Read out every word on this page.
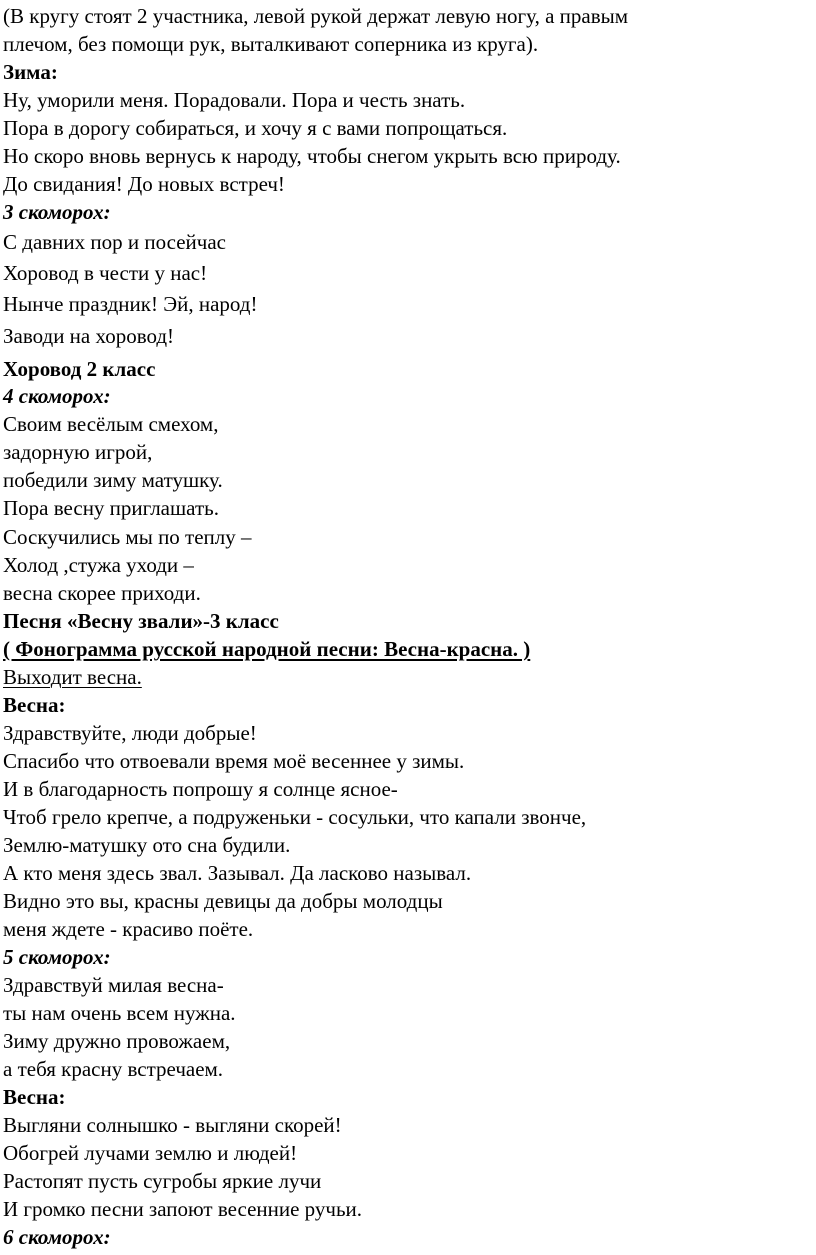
(В кругу стоят 2 участника, левой рукой держат левую ногу, а правым

плечом, без помощи рук, выталкивают соперника из круга).

Зима:

Ну, уморили меня. Порадовали. Пора и честь знать.

Пора в дорогу собираться, и хочу я с вами попрощаться.

Но скоро вновь вернусь к народу, чтобы снегом укрыть всю природу.

До свидания! До новых встреч!

3 скоморох:

С давних пор и посейчас

Хоровод в чести у нас!

Нынче праздник! Эй, народ!

Заводи на хоровод!

Хоровод 2 класс

4 скоморох:

Своим весёлым смехом,

задорную игрой,

победили зиму матушку.

Пора весну приглашать.

Соскучились мы по теплу –

Холод ,стужа уходи –

весна скорее приходи.

Песня «Весну звали»-3 класс

( Фонограмма русской народной песни: Весна-красна. )

Выходит весна.

Весна:

Здравствуйте, люди добрые!

Спасибо что отвоевали время моё весеннее у зимы.

И в благодарность попрошу я солнце ясное-

Чтоб грело крепче, а подруженьки - сосульки, что капали звонче,

Землю-матушку ото сна будили.

А кто меня здесь звал. Зазывал. Да ласково называл.

Видно это вы, красны девицы да добры молодцы

меня ждете - красиво поёте.

5 скоморох:

Здравствуй милая весна-

ты нам очень всем нужна.

Зиму дружно провожаем,

а тебя красну встречаем.

Весна:

Выгляни солнышко - выгляни скорей!

Обогрей лучами землю и людей!

Растопят пусть сугробы яркие лучи

И громко песни запоют весенние ручьи.

6 скоморох:
